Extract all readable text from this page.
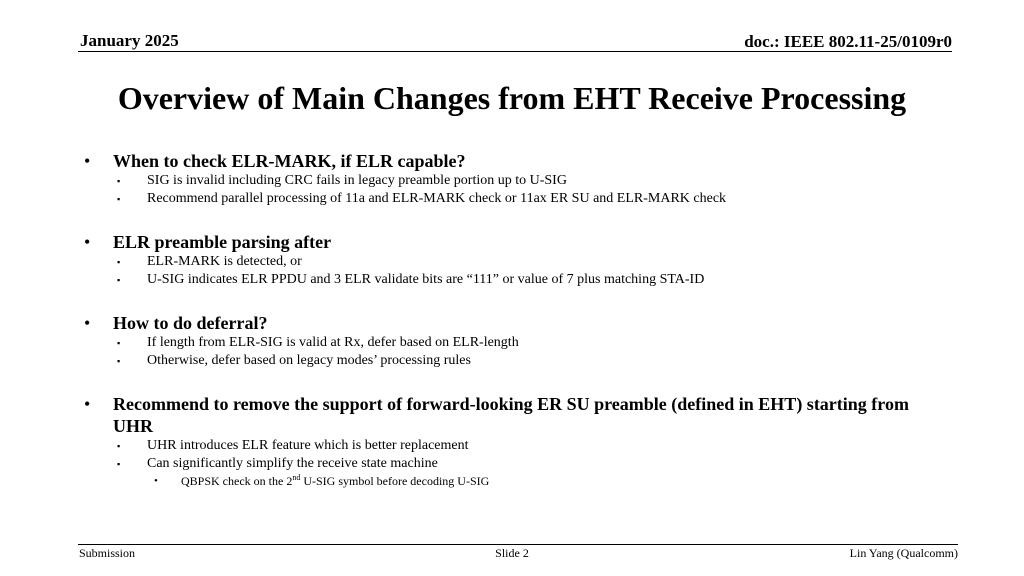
January 2025	doc.: IEEE 802.11-25/0109r0
Overview of Main Changes from EHT Receive Processing
• When to check ELR-MARK, if ELR capable?
▪ SIG is invalid including CRC fails in legacy preamble portion up to U-SIG
▪ Recommend parallel processing of 11a and ELR-MARK check or 11ax ER SU and ELR-MARK check
• ELR preamble parsing after
▪ ELR-MARK is detected, or
▪ U-SIG indicates ELR PPDU and 3 ELR validate bits are “111” or value of 7 plus matching STA-ID
• How to do deferral?
▪ If length from ELR-SIG is valid at Rx, defer based on ELR-length
▪ Otherwise, defer based on legacy modes’ processing rules
• Recommend to remove the support of forward-looking ER SU preamble (defined in EHT) starting from UHR
▪ UHR introduces ELR feature which is better replacement
▪ Can significantly simplify the receive state machine
• QBPSK check on the 2nd U-SIG symbol before decoding U-SIG
Submission	Slide 2	Lin Yang (Qualcomm)
